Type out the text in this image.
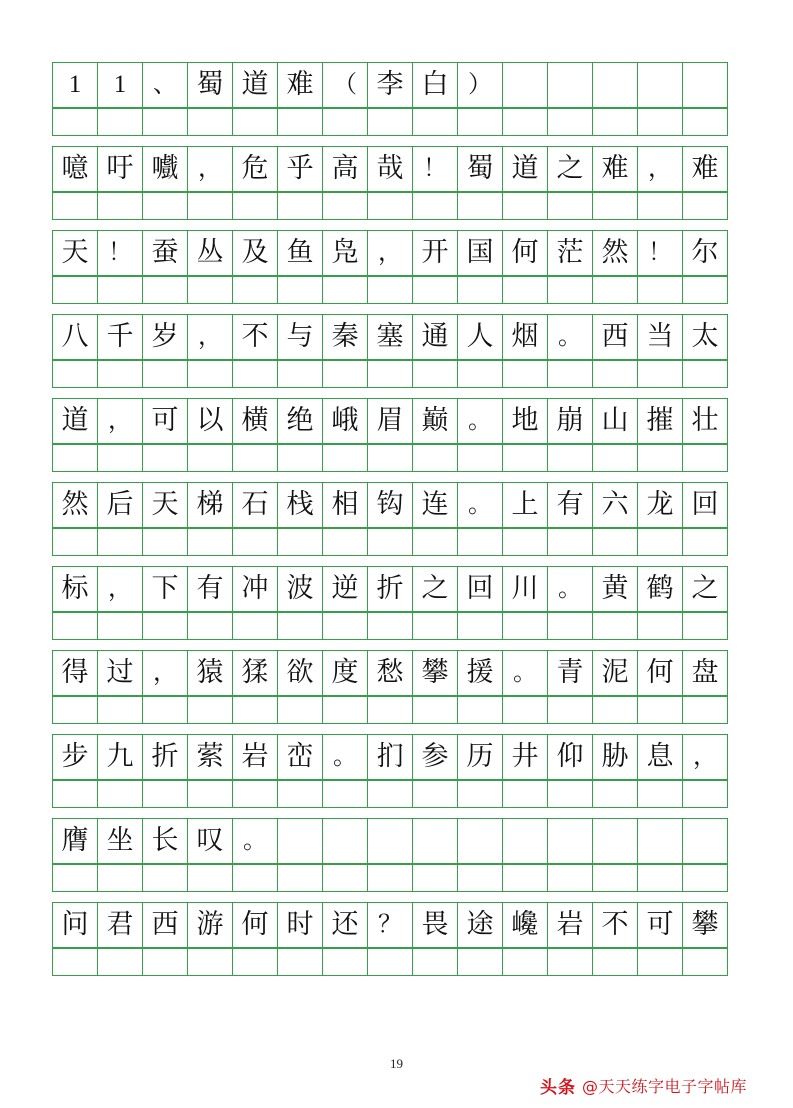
1 1 、 蜀 道 难 （ 李 白 ）
噫 吁 嚱 ， 危 乎 高 哉 ！ 蜀 道 之 难 ， 难
天 ！ 蚕 丛 及 鱼 凫 ， 开 国 何 茫 然 ！ 尔
八 千 岁 ， 不 与 秦 塞 通 人 烟 。 西 当 太
道 ， 可 以 横 绝 峨 眉 巅 。 地 崩 山 摧 壮
然 后 天 梯 石 栈 相 钩 连 。 上 有 六 龙 回
标 ， 下 有 冲 波 逆 折 之 回 川 。 黄 鹤 之
得 过 ， 猿 猱 欲 度 愁 攀 援 。 青 泥 何 盘
步 九 折 萦 岩 峦 。 扪 参 历 井 仰 胁 息 ，
膺 坐 长 叹 。
问 君 西 游 何 时 还 ？ 畏 途 巉 岩 不 可 攀
19
头条 @天天练字电子字帖库
